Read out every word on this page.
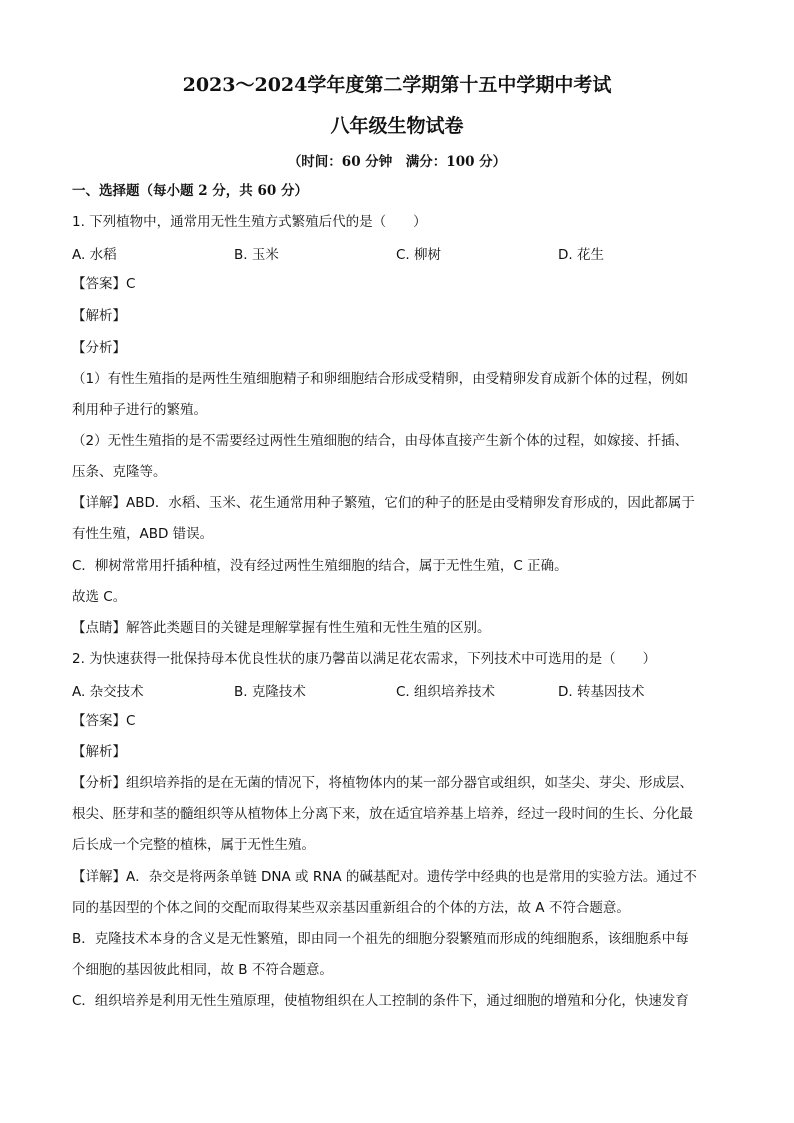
2023～2024学年度第二学期第十五中学期中考试
八年级生物试卷
（时间：60 分钟　满分：100 分）
一、选择题（每小题 2 分，共 60 分）
1. 下列植物中，通常用无性生殖方式繁殖后代的是（　　）
A. 水稻	B. 玉米	C. 柳树	D. 花生
【答案】C
【解析】
【分析】
（1）有性生殖指的是两性生殖细胞精子和卵细胞结合形成受精卵，由受精卵发育成新个体的过程，例如
利用种子进行的繁殖。
（2）无性生殖指的是不需要经过两性生殖细胞的结合，由母体直接产生新个体的过程，如嫁接、扦插、
压条、克隆等。
【详解】ABD．水稻、玉米、花生通常用种子繁殖，它们的种子的胚是由受精卵发育形成的，因此都属于
有性生殖，ABD 错误。
C．柳树常常用扦插种植，没有经过两性生殖细胞的结合，属于无性生殖，C 正确。
故选 C。
【点睛】解答此类题目的关键是理解掌握有性生殖和无性生殖的区别。
2. 为快速获得一批保持母本优良性状的康乃馨苗以满足花农需求，下列技术中可选用的是（　　）
A. 杂交技术	B. 克隆技术	C. 组织培养技术	D. 转基因技术
【答案】C
【解析】
【分析】组织培养指的是在无菌的情况下，将植物体内的某一部分器官或组织，如茎尖、芽尖、形成层、
根尖、胚芽和茎的髓组织等从植物体上分离下来，放在适宜培养基上培养，经过一段时间的生长、分化最
后长成一个完整的植株，属于无性生殖。
【详解】A．杂交是将两条单链 DNA 或 RNA 的碱基配对。遗传学中经典的也是常用的实验方法。通过不
同的基因型的个体之间的交配而取得某些双亲基因重新组合的个体的方法，故 A 不符合题意。
B．克隆技术本身的含义是无性繁殖，即由同一个祖先的细胞分裂繁殖而形成的纯细胞系，该细胞系中每
个细胞的基因彼此相同，故 B 不符合题意。
C．组织培养是利用无性生殖原理，使植物组织在人工控制的条件下，通过细胞的增殖和分化，快速发育
